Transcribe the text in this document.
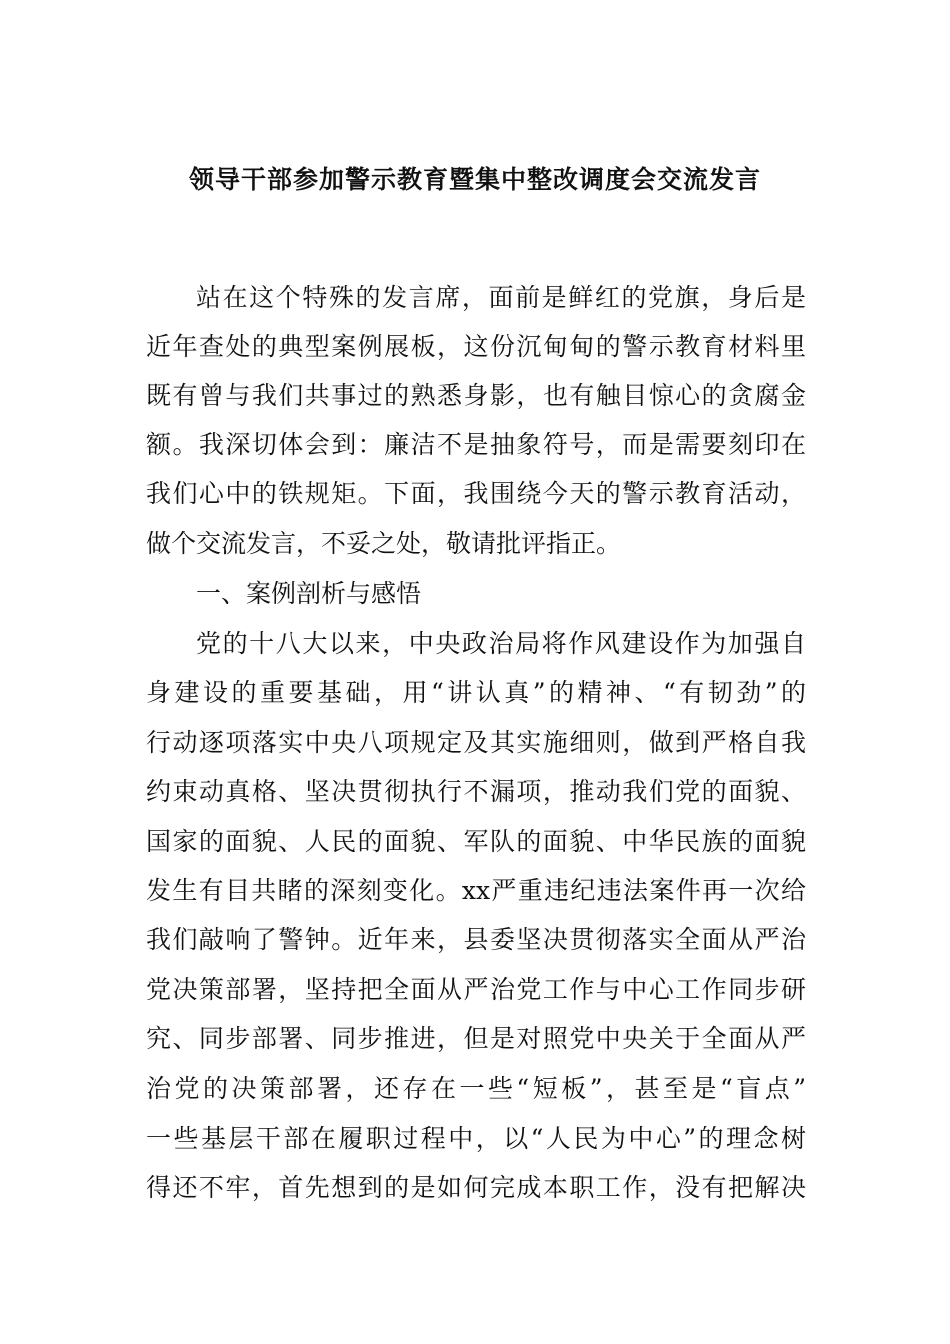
领导干部参加警示教育暨集中整改调度会交流发言
站在这个特殊的发言席，面前是鲜红的党旗，身后是
近年查处的典型案例展板，这份沉甸甸的警示教育材料里
既有曾与我们共事过的熟悉身影，也有触目惊心的贪腐金
额。我深切体会到：廉洁不是抽象符号，而是需要刻印在
我们心中的铁规矩。下面，我围绕今天的警示教育活动，
做个交流发言，不妥之处，敬请批评指正。
一、案例剖析与感悟
党的十八大以来，中央政治局将作风建设作为加强自
身建设的重要基础，用“讲认真”的精神、“有韧劲”的
行动逐项落实中央八项规定及其实施细则，做到严格自我
约束动真格、坚决贯彻执行不漏项，推动我们党的面貌、
国家的面貌、人民的面貌、军队的面貌、中华民族的面貌
发生有目共睹的深刻变化。xx严重违纪违法案件再一次给
我们敲响了警钟。近年来，县委坚决贯彻落实全面从严治
党决策部署，坚持把全面从严治党工作与中心工作同步研
究、同步部署、同步推进，但是对照党中央关于全面从严
治党的决策部署，还存在一些“短板”，甚至是“盲点”
一些基层干部在履职过程中，以“人民为中心”的理念树
得还不牢，首先想到的是如何完成本职工作，没有把解决
